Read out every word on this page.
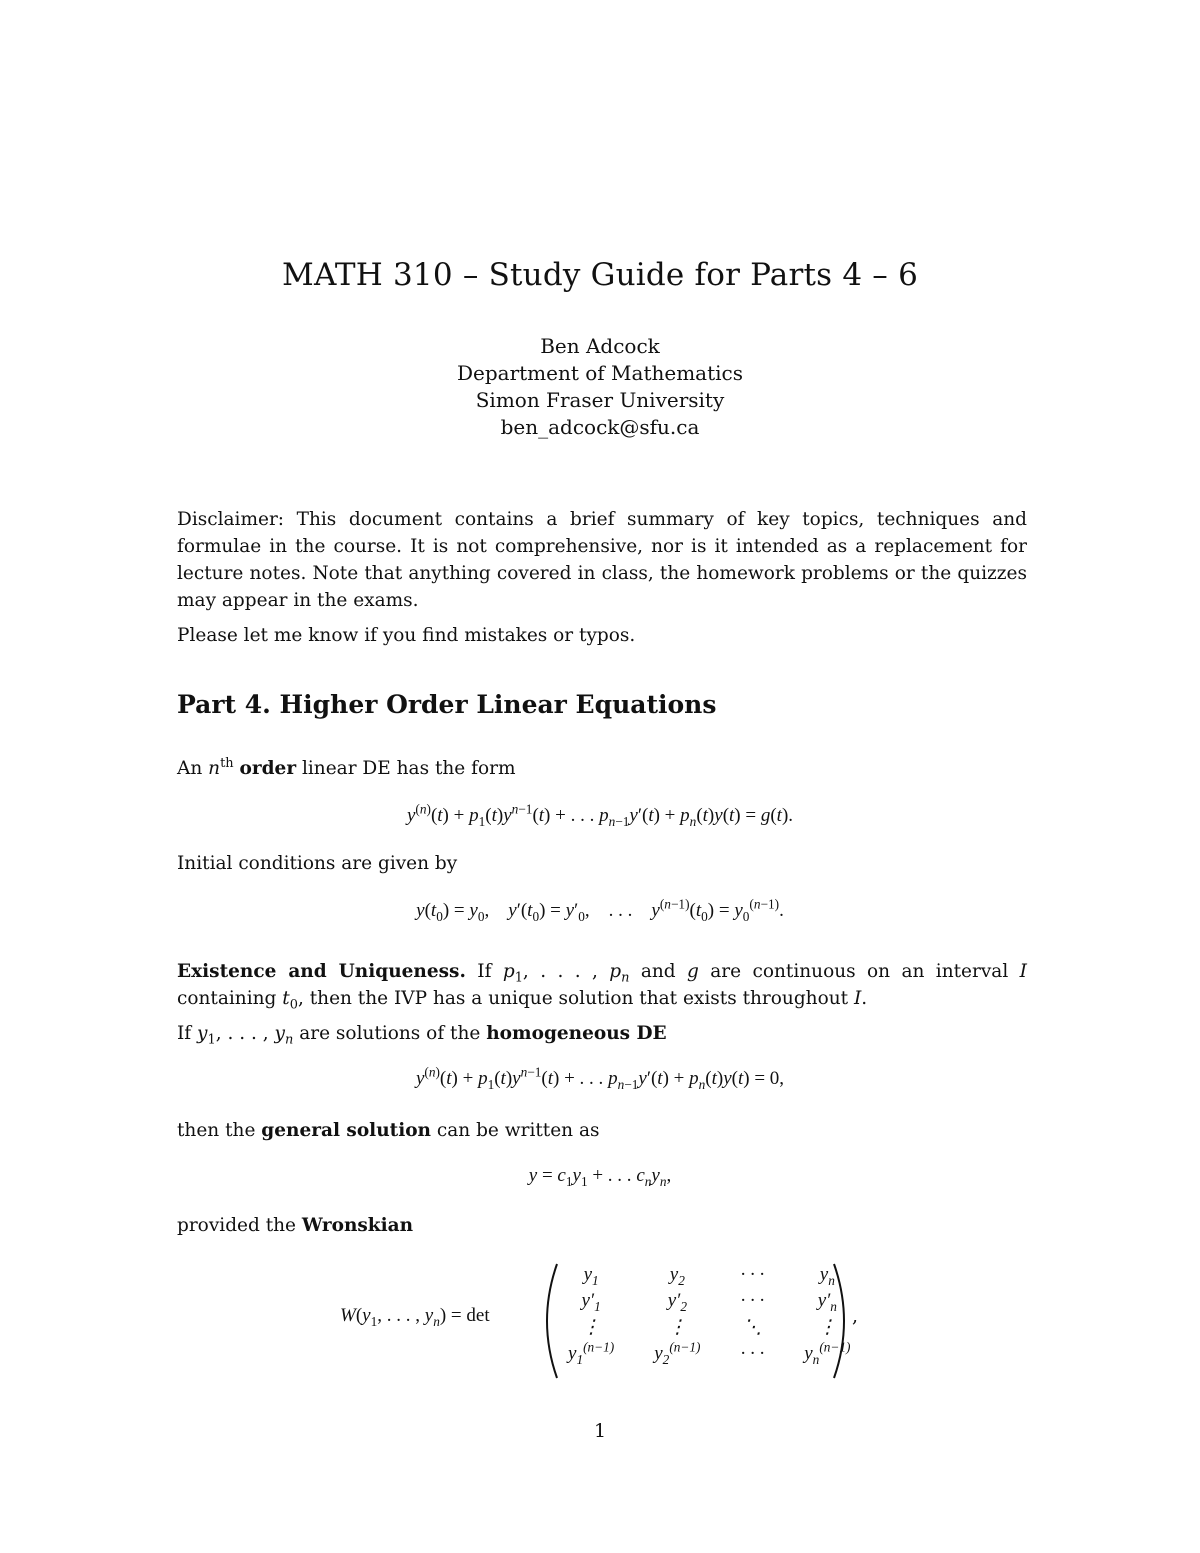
MATH 310 – Study Guide for Parts 4 – 6
Ben Adcock
Department of Mathematics
Simon Fraser University
ben_adcock@sfu.ca

Disclaimer: This document contains a brief summary of key topics, techniques and formulae in the course. It is not comprehensive, nor is it intended as a replacement for lecture notes. Note that anything covered in class, the homework problems or the quizzes may appear in the exams.

Please let me know if you find mistakes or typos.

Part 4. Higher Order Linear Equations
An $n^{th}$ order linear DE has the form
$y^{(n)}(t) + p_1(t)y^{n-1}(t)$ + . . . $p_{n-1}y'(t) + p_n(t)y(t) = g(t)$.
Initial conditions are given by
$y(t_0) = y_0$,    $y'(t_0) = y'_0$,    . . .    $y^{(n-1)}(t_0) = y_0^{(n-1)}$.
Existence and Uniqueness. If $p_1$, . . . , $p_n$ and g are continuous on an interval I containing $t_0$, then the IVP has a unique solution that exists throughout I.
If $y_1$, . . . , $y_n$ are solutions of the homogeneous DE
$y^{(n)}(t) + p_1(t)y^{n-1}(t)$ + . . . $p_{n-1}y'(t) + p_n(t)y(t) = 0$,
then the general solution can be written as
$y = c_1y_1$ + . . . $c_ny_n$,
provided the Wronskian
$W(y_1$, . . . , $y_n) = \det$
$y_1$	$y_2$	· · ·	$y_n$
$y'_1$	$y'_2$	· · ·	$y'_n$
⋮	⋮	⋱	⋮
$y_1^{(n-1)}$	$y_2^{(n-1)}$	· · ·	$y_n^{(n-1)}$
,
1
